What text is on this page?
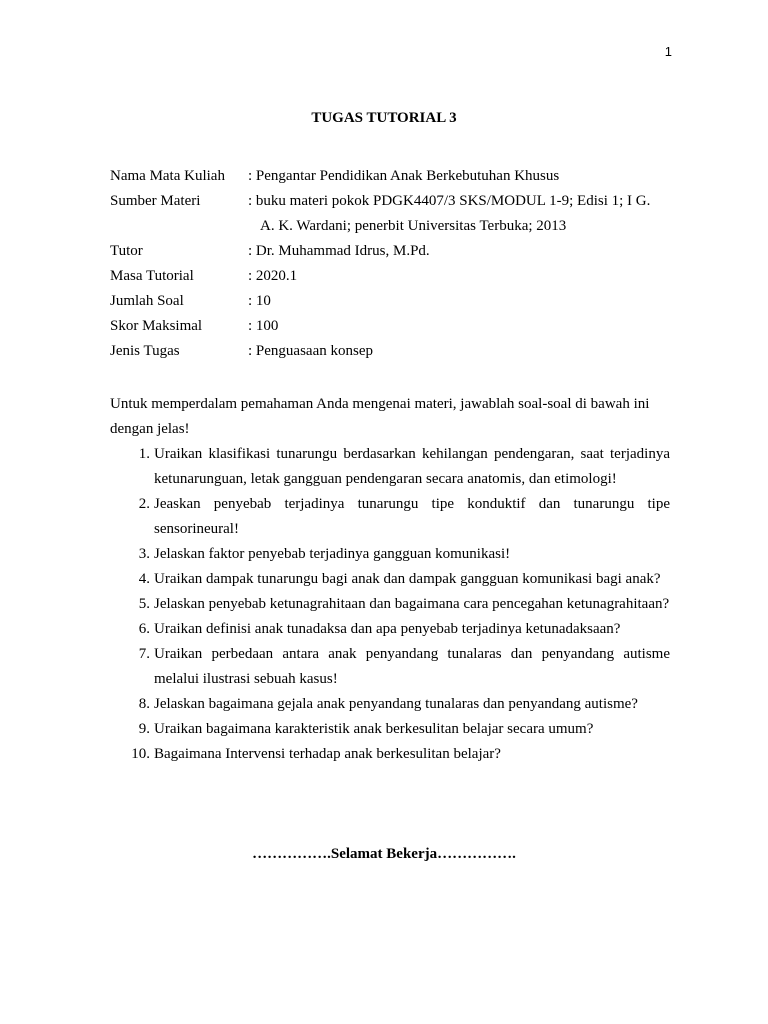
1
TUGAS TUTORIAL 3
Nama Mata Kuliah	: Pengantar Pendidikan Anak Berkebutuhan Khusus
Sumber Materi	: buku materi pokok PDGK4407/3 SKS/MODUL 1-9; Edisi 1; I G.
A. K. Wardani; penerbit Universitas Terbuka; 2013
Tutor	: Dr. Muhammad Idrus, M.Pd.
Masa Tutorial	: 2020.1
Jumlah Soal	: 10
Skor Maksimal	: 100
Jenis Tugas	: Penguasaan konsep
Untuk memperdalam pemahaman Anda mengenai materi, jawablah soal-soal di bawah ini dengan jelas!
1. Uraikan klasifikasi tunarungu berdasarkan kehilangan pendengaran, saat terjadinya ketunarunguan, letak gangguan pendengaran secara anatomis, dan etimologi!
2. Jeaskan penyebab terjadinya tunarungu tipe konduktif dan tunarungu tipe sensorineural!
3. Jelaskan faktor penyebab terjadinya gangguan komunikasi!
4. Uraikan dampak tunarungu bagi anak dan dampak gangguan komunikasi bagi anak?
5. Jelaskan penyebab ketunagrahitaan dan bagaimana cara pencegahan ketunagrahitaan?
6. Uraikan definisi anak tunadaksa dan apa penyebab terjadinya ketunadaksaan?
7. Uraikan perbedaan antara anak penyandang tunalaras dan penyandang autisme melalui ilustrasi sebuah kasus!
8. Jelaskan bagaimana gejala anak penyandang tunalaras dan penyandang autisme?
9. Uraikan bagaimana karakteristik anak berkesulitan belajar secara umum?
10. Bagaimana Intervensi terhadap anak berkesulitan belajar?
…………….Selamat Bekerja…………….
